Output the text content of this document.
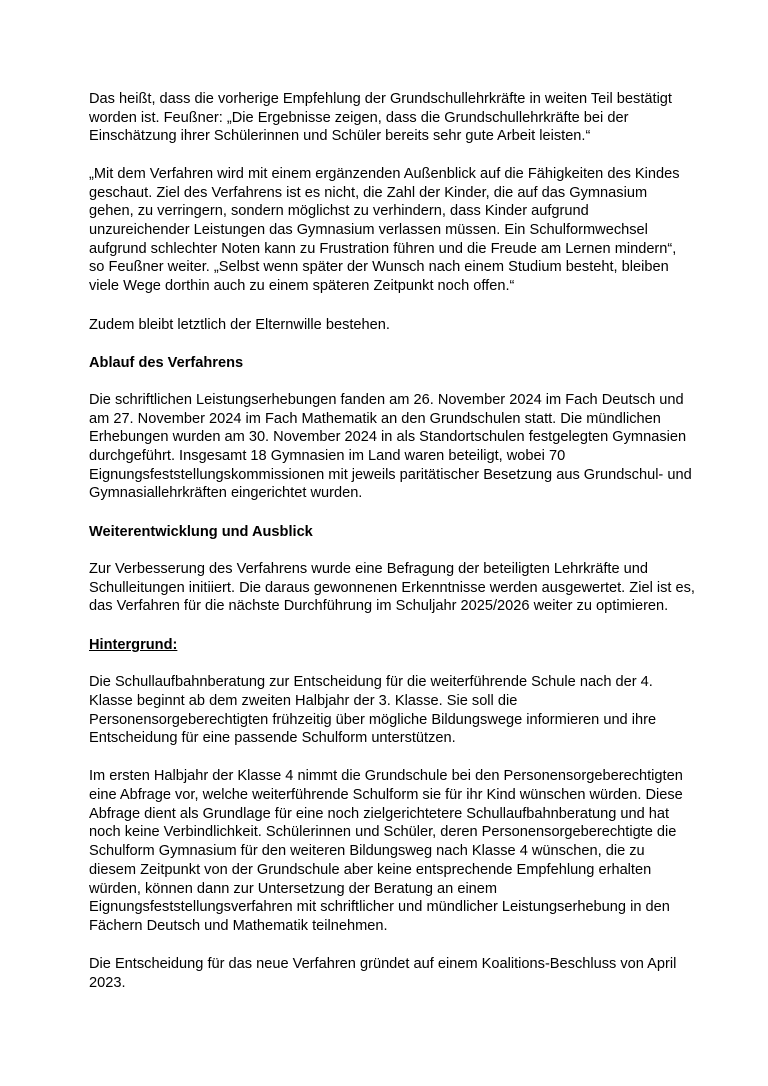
Das heißt, dass die vorherige Empfehlung der Grundschullehrkräfte in weiten Teil bestätigt
worden ist. Feußner: „Die Ergebnisse zeigen, dass die Grundschullehrkräfte bei der
Einschätzung ihrer Schülerinnen und Schüler bereits sehr gute Arbeit leisten.“
„Mit dem Verfahren wird mit einem ergänzenden Außenblick auf die Fähigkeiten des Kindes
geschaut. Ziel des Verfahrens ist es nicht, die Zahl der Kinder, die auf das Gymnasium
gehen, zu verringern, sondern möglichst zu verhindern, dass Kinder aufgrund
unzureichender Leistungen das Gymnasium verlassen müssen. Ein Schulformwechsel
aufgrund schlechter Noten kann zu Frustration führen und die Freude am Lernen mindern“,
so Feußner weiter. „Selbst wenn später der Wunsch nach einem Studium besteht, bleiben
viele Wege dorthin auch zu einem späteren Zeitpunkt noch offen.“
Zudem bleibt letztlich der Elternwille bestehen.
Ablauf des Verfahrens
Die schriftlichen Leistungserhebungen fanden am 26. November 2024 im Fach Deutsch und
am 27. November 2024 im Fach Mathematik an den Grundschulen statt. Die mündlichen
Erhebungen wurden am 30. November 2024 in als Standortschulen festgelegten Gymnasien
durchgeführt. Insgesamt 18 Gymnasien im Land waren beteiligt, wobei 70
Eignungsfeststellungskommissionen mit jeweils paritätischer Besetzung aus Grundschul- und
Gymnasiallehrkräften eingerichtet wurden.
Weiterentwicklung und Ausblick
Zur Verbesserung des Verfahrens wurde eine Befragung der beteiligten Lehrkräfte und
Schulleitungen initiiert. Die daraus gewonnenen Erkenntnisse werden ausgewertet. Ziel ist es,
das Verfahren für die nächste Durchführung im Schuljahr 2025/2026 weiter zu optimieren.
Hintergrund:
Die Schullaufbahnberatung zur Entscheidung für die weiterführende Schule nach der 4.
Klasse beginnt ab dem zweiten Halbjahr der 3. Klasse. Sie soll die
Personensorgeberechtigten frühzeitig über mögliche Bildungswege informieren und ihre
Entscheidung für eine passende Schulform unterstützen.
Im ersten Halbjahr der Klasse 4 nimmt die Grundschule bei den Personensorgeberechtigten
eine Abfrage vor, welche weiterführende Schulform sie für ihr Kind wünschen würden. Diese
Abfrage dient als Grundlage für eine noch zielgerichtetere Schullaufbahnberatung und hat
noch keine Verbindlichkeit. Schülerinnen und Schüler, deren Personensorgeberechtigte die
Schulform Gymnasium für den weiteren Bildungsweg nach Klasse 4 wünschen, die zu
diesem Zeitpunkt von der Grundschule aber keine entsprechende Empfehlung erhalten
würden, können dann zur Untersetzung der Beratung an einem
Eignungsfeststellungsverfahren mit schriftlicher und mündlicher Leistungserhebung in den
Fächern Deutsch und Mathematik teilnehmen.
Die Entscheidung für das neue Verfahren gründet auf einem Koalitions-Beschluss von April
2023.
